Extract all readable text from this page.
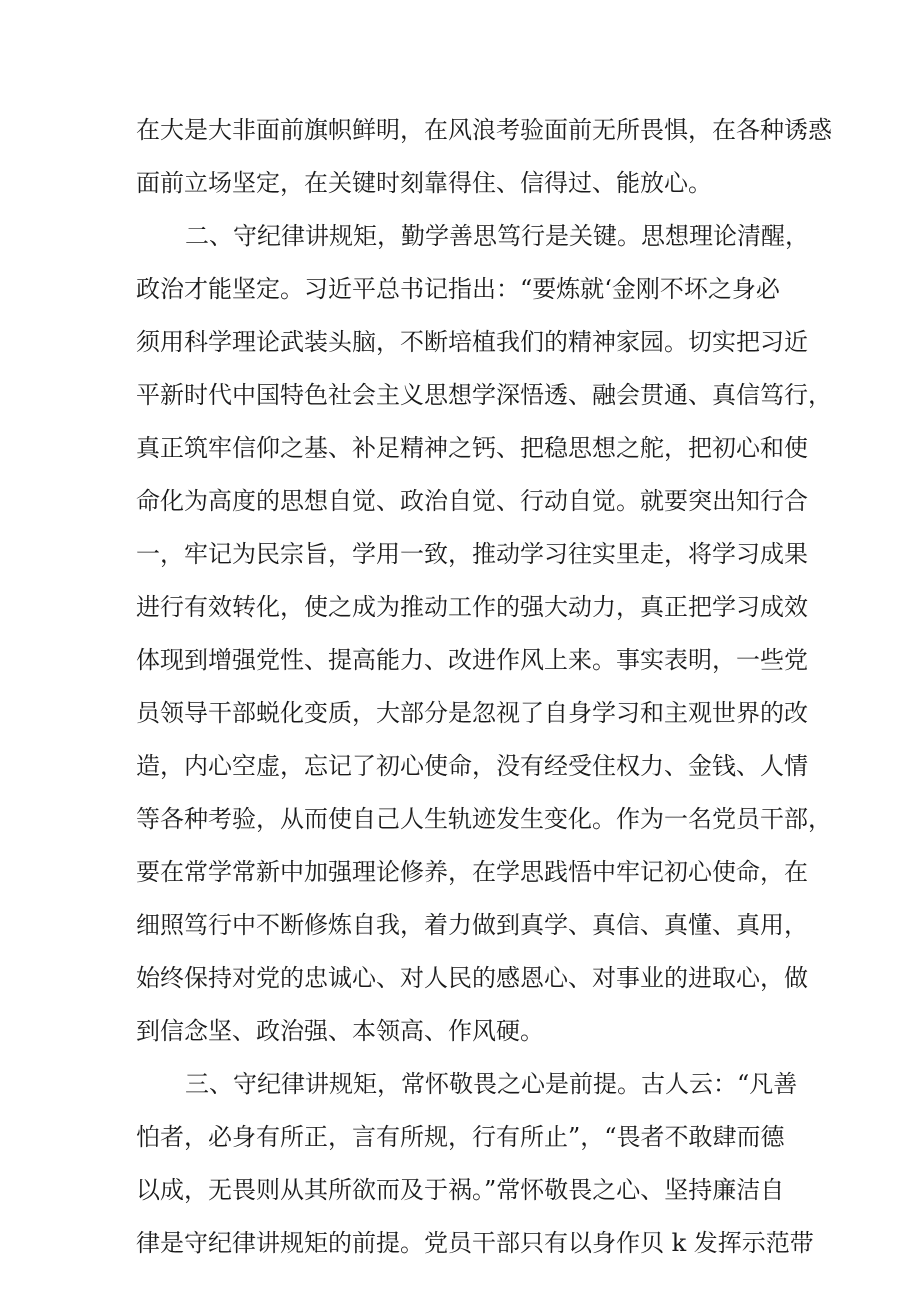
在大是大非面前旗帜鲜明，在风浪考验面前无所畏惧，在各种诱惑
面前立场坚定，在关键时刻靠得住、信得过、能放心。
二、守纪律讲规矩，勤学善思笃行是关键。思想理论清醒，
政治才能坚定。习近平总书记指出：“要炼就‘金刚不坏之身必
须用科学理论武装头脑，不断培植我们的精神家园。切实把习近
平新时代中国特色社会主义思想学深悟透、融会贯通、真信笃行，
真正筑牢信仰之基、补足精神之钙、把稳思想之舵，把初心和使
命化为高度的思想自觉、政治自觉、行动自觉。就要突出知行合
一，牢记为民宗旨，学用一致，推动学习往实里走，将学习成果
进行有效转化，使之成为推动工作的强大动力，真正把学习成效
体现到增强党性、提高能力、改进作风上来。事实表明，一些党
员领导干部蜕化变质，大部分是忽视了自身学习和主观世界的改
造，内心空虚，忘记了初心使命，没有经受住权力、金钱、人情
等各种考验，从而使自己人生轨迹发生变化。作为一名党员干部，
要在常学常新中加强理论修养，在学思践悟中牢记初心使命，在
细照笃行中不断修炼自我，着力做到真学、真信、真懂、真用，
始终保持对党的忠诚心、对人民的感恩心、对事业的进取心，做
到信念坚、政治强、本领高、作风硬。
三、守纪律讲规矩，常怀敬畏之心是前提。古人云：“凡善
怕者，必身有所正，言有所规，行有所止”，“畏者不敢肆而德
以成，无畏则从其所欲而及于祸。”常怀敬畏之心、坚持廉洁自
律是守纪律讲规矩的前提。党员干部只有以身作贝 k 发挥示范带
